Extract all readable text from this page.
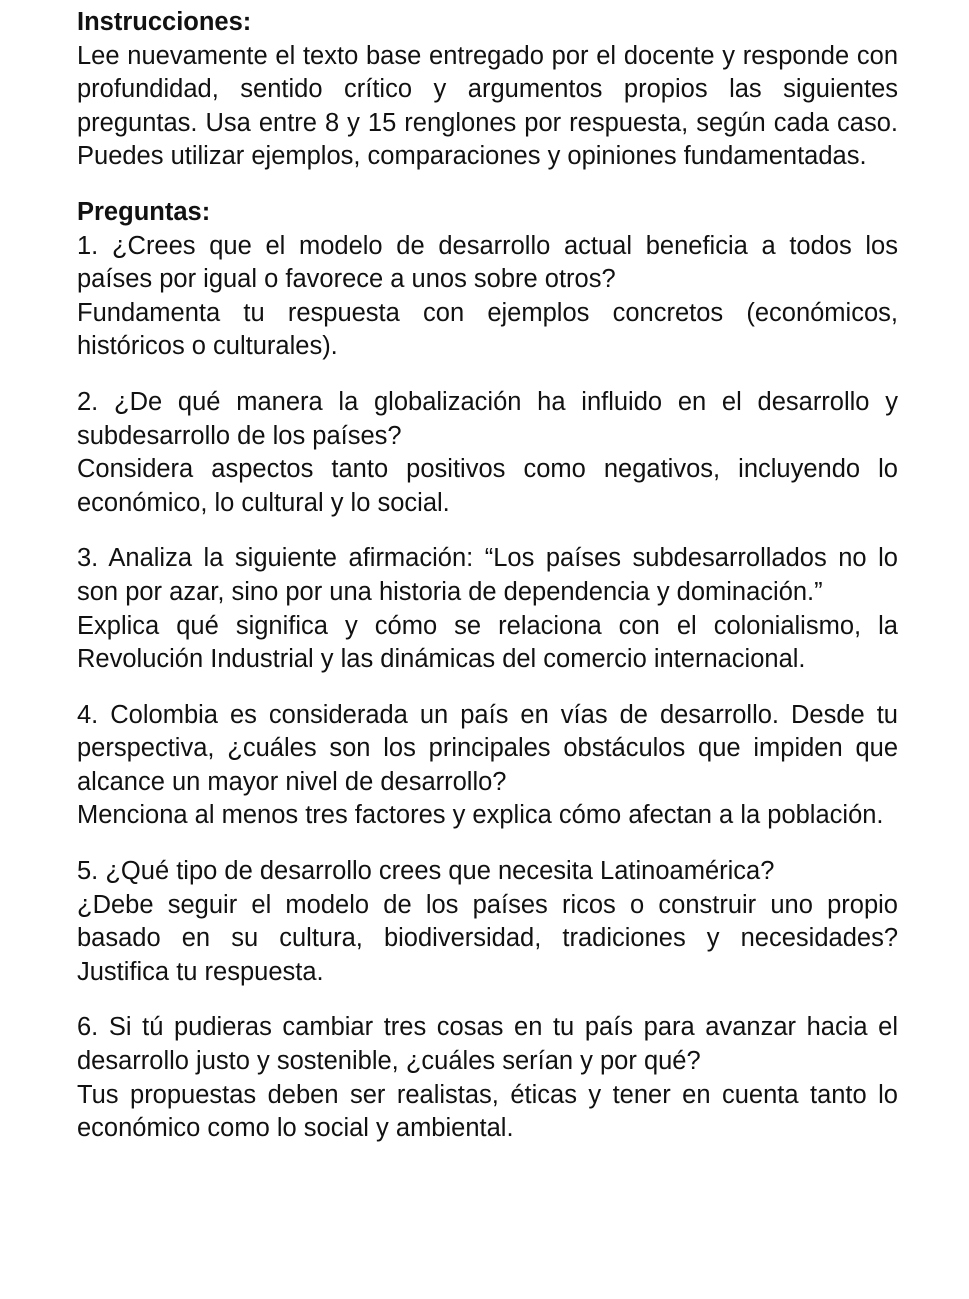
Instrucciones:

Lee nuevamente el texto base entregado por el docente y responde con profundidad, sentido crítico y argumentos propios las siguientes preguntas. Usa entre 8 y 15 renglones por respuesta, según cada caso. Puedes utilizar ejemplos, comparaciones y opiniones fundamentadas.

Preguntas:

1. ¿Crees que el modelo de desarrollo actual beneficia a todos los países por igual o favorece a unos sobre otros?

Fundamenta tu respuesta con ejemplos concretos (económicos, históricos o culturales).

2. ¿De qué manera la globalización ha influido en el desarrollo y subdesarrollo de los países?

Considera aspectos tanto positivos como negativos, incluyendo lo económico, lo cultural y lo social.

3. Analiza la siguiente afirmación: “Los países subdesarrollados no lo son por azar, sino por una historia de dependencia y dominación.”

Explica qué significa y cómo se relaciona con el colonialismo, la Revolución Industrial y las dinámicas del comercio internacional.

4. Colombia es considerada un país en vías de desarrollo. Desde tu perspectiva, ¿cuáles son los principales obstáculos que impiden que alcance un mayor nivel de desarrollo?

Menciona al menos tres factores y explica cómo afectan a la población.

5. ¿Qué tipo de desarrollo crees que necesita Latinoamérica?

¿Debe seguir el modelo de los países ricos o construir uno propio basado en su cultura, biodiversidad, tradiciones y necesidades? Justifica tu respuesta.

6. Si tú pudieras cambiar tres cosas en tu país para avanzar hacia el desarrollo justo y sostenible, ¿cuáles serían y por qué?

Tus propuestas deben ser realistas, éticas y tener en cuenta tanto lo económico como lo social y ambiental.
